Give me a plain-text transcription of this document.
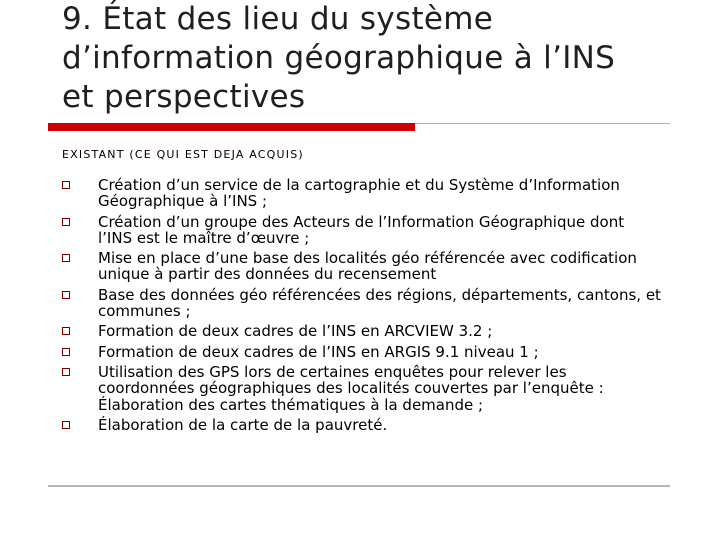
9. État des lieu du système
d’information géographique à l’INS
et perspectives
EXISTANT (CE QUI EST DEJA ACQUIS)
Création d’un service de la cartographie et du Système d’Information Géographique à l’INS ;
Création d’un groupe des Acteurs de l’Information Géographique dont l’INS est le maître d’œuvre ;
Mise en place d’une base des localités géo référencée avec codification unique à partir des données du recensement
Base des données géo référencées des régions, départements, cantons, et communes ;
Formation de deux cadres de l’INS en ARCVIEW 3.2 ;
Formation de deux cadres de l’INS en ARGIS 9.1 niveau 1 ;
Utilisation des GPS lors de certaines enquêtes pour relever les coordonnées géographiques des localités couvertes par l’enquête : Élaboration des cartes thématiques à la demande ;
Élaboration de la carte de la pauvreté.
